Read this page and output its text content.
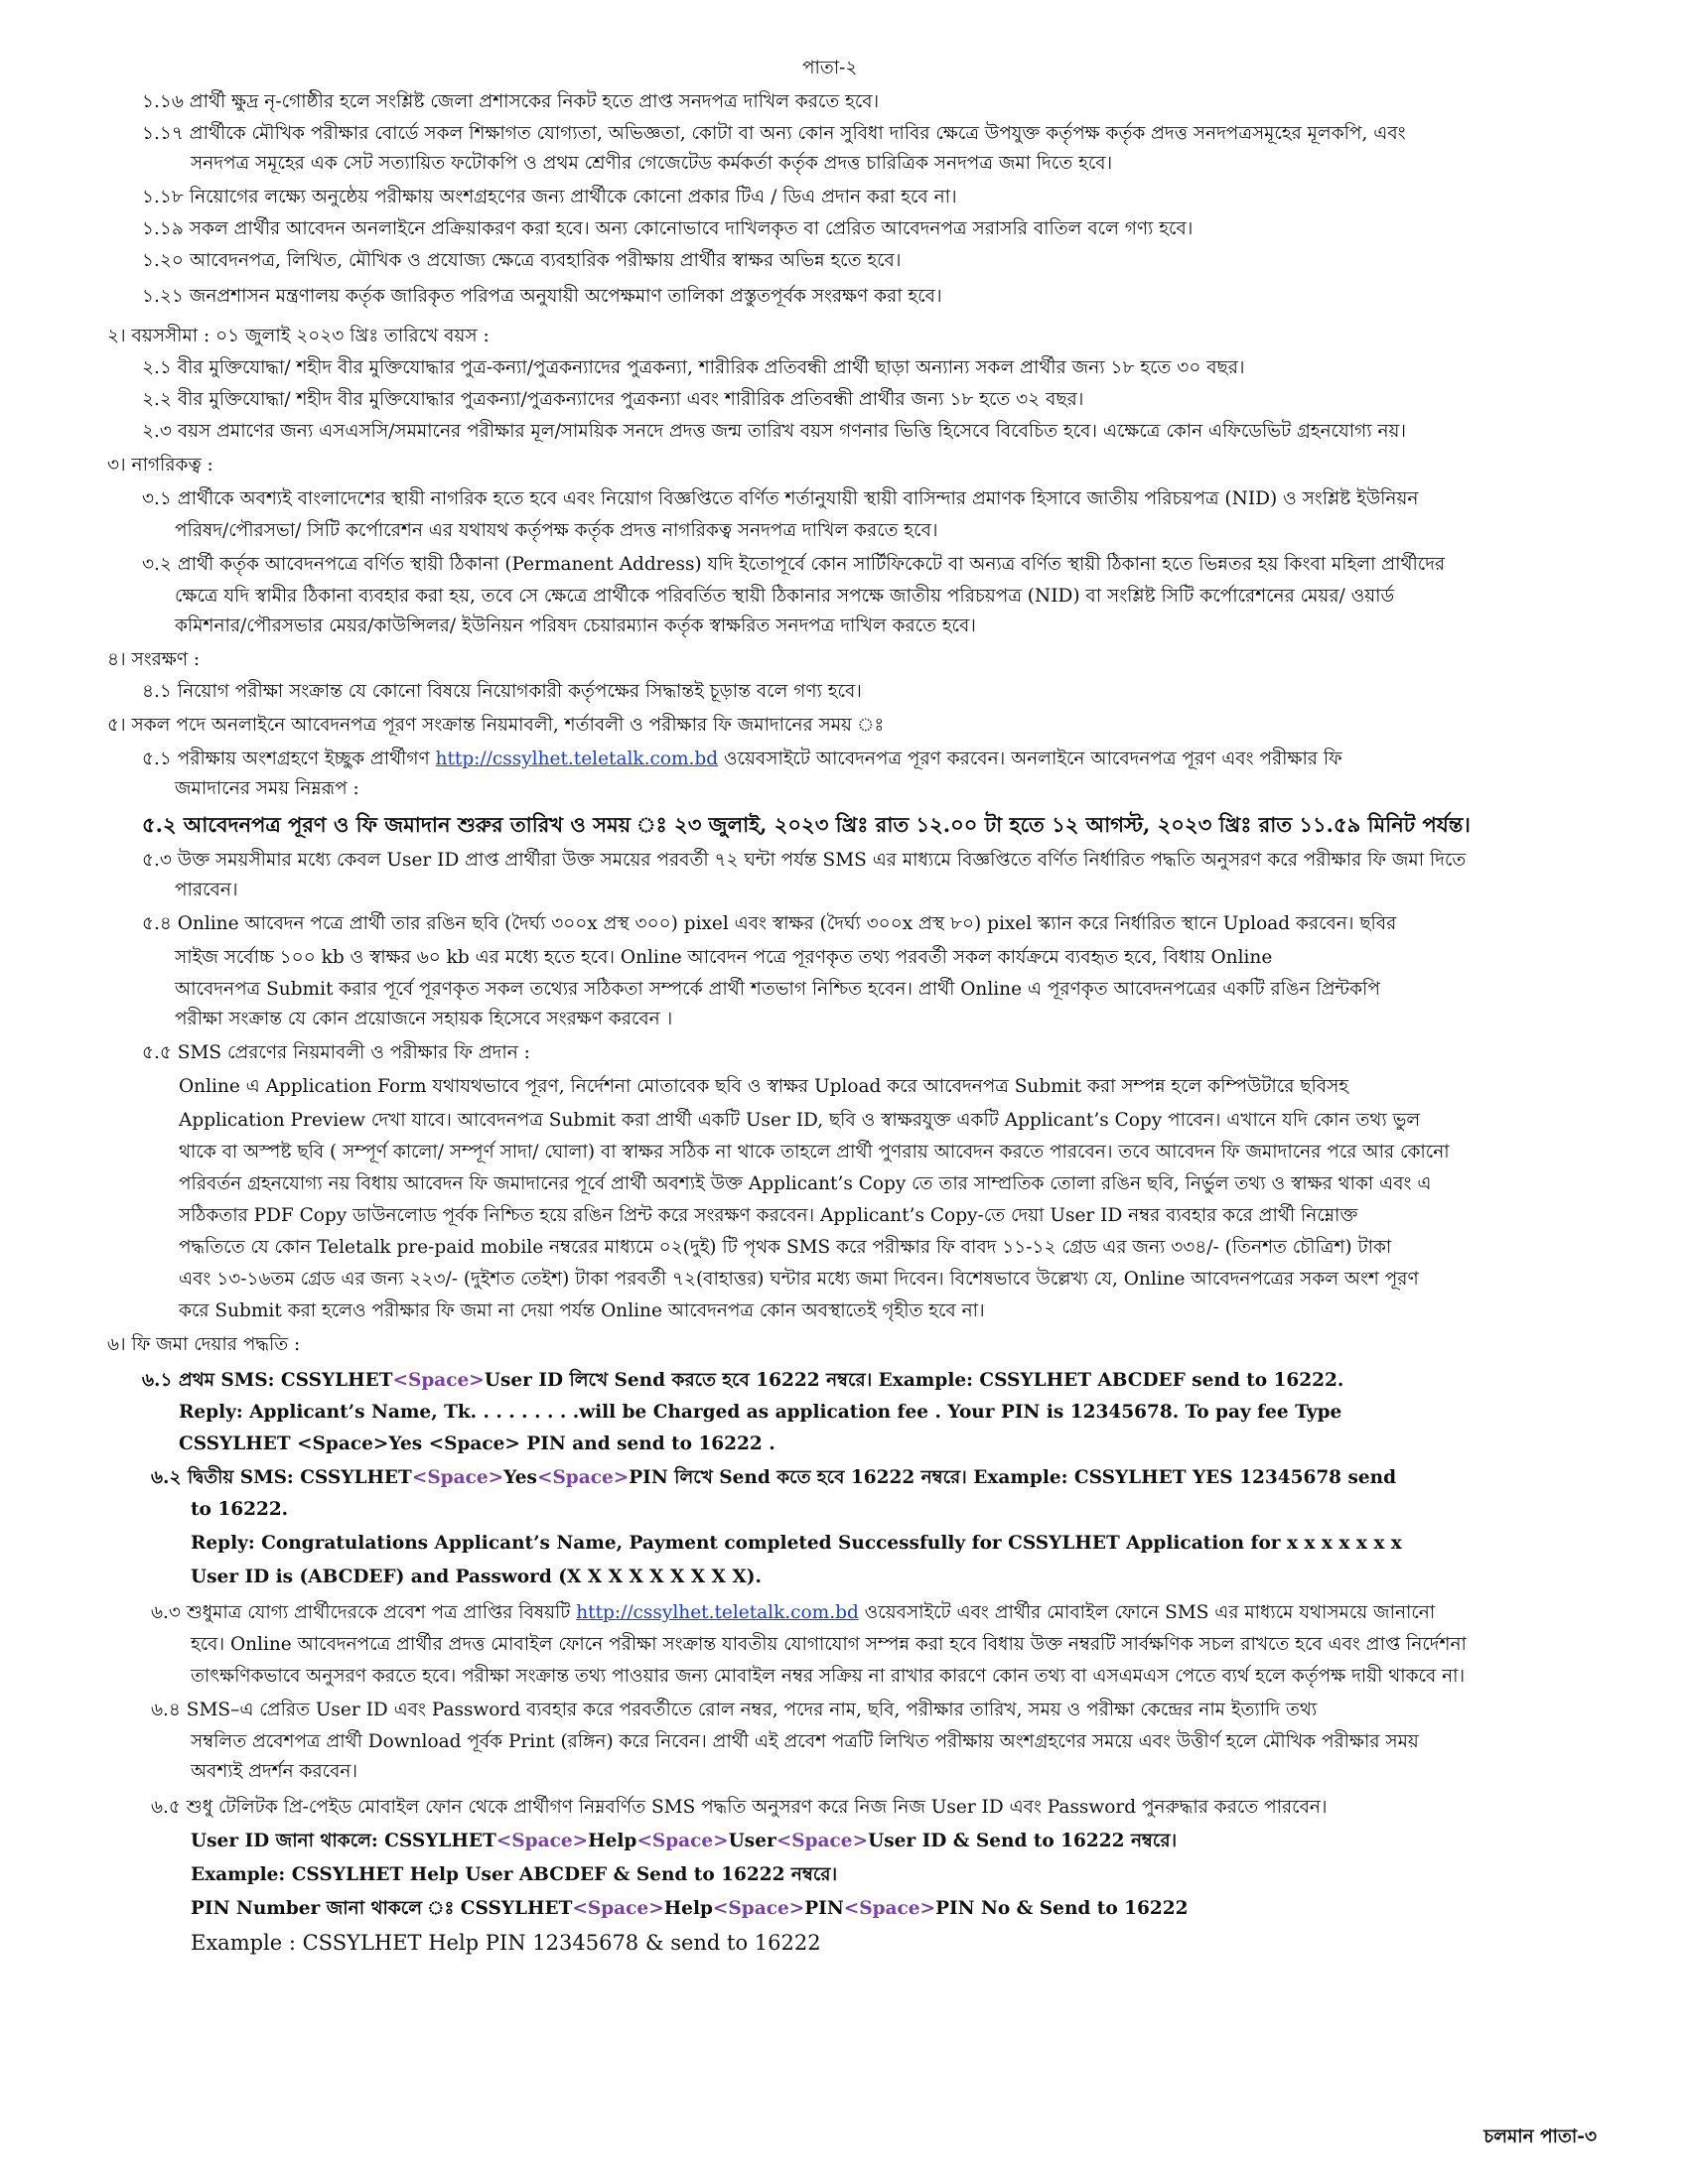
পাতা-২
১.১৬ প্রার্থী ক্ষুদ্র নৃ-গোষ্ঠীর হলে সংশ্লিষ্ট জেলা প্রশাসকের নিকট হতে প্রাপ্ত সনদপত্র দাখিল করতে হবে।
১.১৭ প্রার্থীকে মৌখিক পরীক্ষার বোর্ডে সকল শিক্ষাগত যোগ্যতা, অভিজ্ঞতা, কোটা বা অন্য কোন সুবিধা দাবির ক্ষেত্রে উপযুক্ত কর্তৃপক্ষ কর্তৃক প্রদত্ত সনদপত্রসমূহের মূলকপি, এবং
সনদপত্র সমূহের এক সেট সত্যায়িত ফটোকপি ও প্রথম শ্রেণীর গেজেটেড কর্মকর্তা কর্তৃক প্রদত্ত চারিত্রিক সনদপত্র জমা দিতে হবে।
১.১৮ নিয়োগের লক্ষ্যে অনুষ্ঠেয় পরীক্ষায় অংশগ্রহণের জন্য প্রার্থীকে কোনো প্রকার টিএ / ডিএ প্রদান করা হবে না।
১.১৯ সকল প্রার্থীর আবেদন অনলাইনে প্রক্রিয়াকরণ করা হবে। অন্য কোনোভাবে দাখিলকৃত বা প্রেরিত আবেদনপত্র সরাসরি বাতিল বলে গণ্য হবে।
১.২০ আবেদনপত্র, লিখিত, মৌখিক ও প্রযোজ্য ক্ষেত্রে ব্যবহারিক পরীক্ষায় প্রার্থীর স্বাক্ষর অভিন্ন হতে হবে।
১.২১ জনপ্রশাসন মন্ত্রণালয় কর্তৃক জারিকৃত পরিপত্র অনুযায়ী অপেক্ষমাণ তালিকা প্রস্তুতপূর্বক সংরক্ষণ করা হবে।
২। বয়সসীমা : ০১ জুলাই ২০২৩ খ্রিঃ তারিখে বয়স :
২.১ বীর মুক্তিযোদ্ধা/ শহীদ বীর মুক্তিযোদ্ধার পুত্র-কন্যা/পুত্রকন্যাদের পুত্রকন্যা, শারীরিক প্রতিবন্ধী প্রার্থী ছাড়া অন্যান্য সকল প্রার্থীর জন্য ১৮ হতে ৩০ বছর।
২.২ বীর মুক্তিযোদ্ধা/ শহীদ বীর মুক্তিযোদ্ধার পুত্রকন্যা/পুত্রকন্যাদের পুত্রকন্যা এবং শারীরিক প্রতিবন্ধী প্রার্থীর জন্য ১৮ হতে ৩২ বছর।
২.৩ বয়স প্রমাণের জন্য এসএসসি/সমমানের পরীক্ষার মূল/সাময়িক সনদে প্রদত্ত জন্ম তারিখ বয়স গণনার ভিত্তি হিসেবে বিবেচিত হবে। এক্ষেত্রে কোন এফিডেভিট গ্রহনযোগ্য নয়।
৩। নাগরিকত্ব :
৩.১ প্রার্থীকে অবশ্যই বাংলাদেশের স্থায়ী নাগরিক হতে হবে এবং নিয়োগ বিজ্ঞপ্তিতে বর্ণিত শর্তানুযায়ী স্থায়ী বাসিন্দার প্রমাণক হিসাবে জাতীয় পরিচয়পত্র (NID) ও সংশ্লিষ্ট ইউনিয়ন
পরিষদ/পৌরসভা/ সিটি কর্পোরেশন এর যথাযথ কর্তৃপক্ষ কর্তৃক প্রদত্ত নাগরিকত্ব সনদপত্র দাখিল করতে হবে।
৩.২ প্রার্থী কর্তৃক আবেদনপত্রে বর্ণিত স্থায়ী ঠিকানা (Permanent Address) যদি ইতোপূর্বে কোন সার্টিফিকেটে বা অন্যত্র বর্ণিত স্থায়ী ঠিকানা হতে ভিন্নতর হয় কিংবা মহিলা প্রার্থীদের
ক্ষেত্রে যদি স্বামীর ঠিকানা ব্যবহার করা হয়, তবে সে ক্ষেত্রে প্রার্থীকে পরিবর্তিত স্থায়ী ঠিকানার সপক্ষে জাতীয় পরিচয়পত্র (NID) বা সংশ্লিষ্ট সিটি কর্পোরেশনের মেয়র/ ওয়ার্ড
কমিশনার/পৌরসভার মেয়র/কাউন্সিলর/ ইউনিয়ন পরিষদ চেয়ারম্যান কর্তৃক স্বাক্ষরিত সনদপত্র দাখিল করতে হবে।
৪। সংরক্ষণ :
৪.১ নিয়োগ পরীক্ষা সংক্রান্ত যে কোনো বিষয়ে নিয়োগকারী কর্তৃপক্ষের সিদ্ধান্তই চূড়ান্ত বলে গণ্য হবে।
৫। সকল পদে অনলাইনে আবেদনপত্র পূরণ সংক্রান্ত নিয়মাবলী, শর্তাবলী ও পরীক্ষার ফি জমাদানের সময় ঃ
৫.১ পরীক্ষায় অংশগ্রহণে ইচ্ছুক প্রার্থীগণ http://cssylhet.teletalk.com.bd ওয়েবসাইটে আবেদনপত্র পূরণ করবেন। অনলাইনে আবেদনপত্র পূরণ এবং পরীক্ষার ফি
জমাদানের সময় নিম্নরূপ :
৫.২ আবেদনপত্র পূরণ ও ফি জমাদান শুরুর তারিখ ও সময় ঃ ২৩ জুলাই, ২০২৩ খ্রিঃ রাত ১২.০০ টা হতে ১২ আগস্ট, ২০২৩ খ্রিঃ রাত ১১.৫৯ মিনিট পর্যন্ত।
৫.৩ উক্ত সময়সীমার মধ্যে কেবল User ID প্রাপ্ত প্রার্থীরা উক্ত সময়ের পরবর্তী ৭২ ঘন্টা পর্যন্ত SMS এর মাধ্যমে বিজ্ঞপ্তিতে বর্ণিত নির্ধারিত পদ্ধতি অনুসরণ করে পরীক্ষার ফি জমা দিতে
পারবেন।
৫.৪ Online আবেদন পত্রে প্রার্থী তার রঙিন ছবি (দৈর্ঘ্য ৩০০x প্রস্থ ৩০০) pixel এবং স্বাক্ষর (দৈর্ঘ্য ৩০০x প্রস্থ ৮০) pixel স্ক্যান করে নির্ধারিত স্থানে Upload করবেন। ছবির
সাইজ সর্বোচ্চ ১০০ kb ও স্বাক্ষর ৬০ kb এর মধ্যে হতে হবে। Online আবেদন পত্রে পূরণকৃত তথ্য পরবর্তী সকল কার্যক্রমে ব্যবহৃত হবে, বিধায় Online
আবেদনপত্র Submit করার পূর্বে পূরণকৃত সকল তথ্যের সঠিকতা সম্পর্কে প্রার্থী শতভাগ নিশ্চিত হবেন। প্রার্থী Online এ পূরণকৃত আবেদনপত্রের একটি রঙিন প্রিন্টকপি
পরীক্ষা সংক্রান্ত যে কোন প্রয়োজনে সহায়ক হিসেবে সংরক্ষণ করবেন ।
৫.৫ SMS প্রেরণের নিয়মাবলী ও পরীক্ষার ফি প্রদান :
Online এ Application Form যথাযথভাবে পূরণ, নির্দেশনা মোতাবেক ছবি ও স্বাক্ষর Upload করে আবেদনপত্র Submit করা সম্পন্ন হলে কম্পিউটারে ছবিসহ
Application Preview দেখা যাবে। আবেদনপত্র Submit করা প্রার্থী একটি User ID, ছবি ও স্বাক্ষরযুক্ত একটি Applicant’s Copy পাবেন। এখানে যদি কোন তথ্য ভুল
থাকে বা অস্পষ্ট ছবি ( সম্পূর্ণ কালো/ সম্পূর্ণ সাদা/ ঘোলা) বা স্বাক্ষর সঠিক না থাকে তাহলে প্রার্থী পুণরায় আবেদন করতে পারবেন। তবে আবেদন ফি জমাদানের পরে আর কোনো
পরিবর্তন গ্রহনযোগ্য নয় বিধায় আবেদন ফি জমাদানের পূর্বে প্রার্থী অবশ্যই উক্ত Applicant’s Copy তে তার সাম্প্রতিক তোলা রঙিন ছবি, নির্ভুল তথ্য ও স্বাক্ষর থাকা এবং এ
সঠিকতার PDF Copy ডাউনলোড পূর্বক নিশ্চিত হয়ে রঙিন প্রিন্ট করে সংরক্ষণ করবেন। Applicant’s Copy-তে দেয়া User ID নম্বর ব্যবহার করে প্রার্থী নিম্নোক্ত
পদ্ধতিতে যে কোন Teletalk pre-paid mobile নম্বরের মাধ্যমে ০২(দুই) টি পৃথক SMS করে পরীক্ষার ফি বাবদ ১১-১২ গ্রেড এর জন্য ৩৩৪/- (তিনশত চৌত্রিশ) টাকা
এবং ১৩-১৬তম গ্রেড এর জন্য ২২৩/- (দুইশত তেইশ) টাকা পরবর্তী ৭২(বাহাত্তর) ঘন্টার মধ্যে জমা দিবেন। বিশেষভাবে উল্লেখ্য যে, Online আবেদনপত্রের সকল অংশ পূরণ
করে Submit করা হলেও পরীক্ষার ফি জমা না দেয়া পর্যন্ত Online আবেদনপত্র কোন অবস্থাতেই গৃহীত হবে না।
৬। ফি জমা দেয়ার পদ্ধতি :
৬.১ প্রথম SMS: CSSYLHET<Space>User ID লিখে Send করতে হবে 16222 নম্বরে। Example: CSSYLHET ABCDEF send to 16222.
Reply: Applicant’s Name, Tk. . . . . . . . .will be Charged as application fee . Your PIN is 12345678. To pay fee Type
CSSYLHET <Space>Yes <Space> PIN and send to 16222 .
৬.২ দ্বিতীয় SMS: CSSYLHET<Space>Yes<Space>PIN লিখে Send কতে হবে 16222 নম্বরে। Example: CSSYLHET YES 12345678 send
to 16222.
Reply: Congratulations Applicant’s Name, Payment completed Successfully for CSSYLHET Application for x x x x x x x
User ID is (ABCDEF) and Password (X X X X X X X X X).
৬.৩ শুধুমাত্র যোগ্য প্রার্থীদেরকে প্রবেশ পত্র প্রাপ্তির বিষয়টি http://cssylhet.teletalk.com.bd ওয়েবসাইটে এবং প্রার্থীর মোবাইল ফোনে SMS এর মাধ্যমে যথাসময়ে জানানো
হবে। Online আবেদনপত্রে প্রার্থীর প্রদত্ত মোবাইল ফোনে পরীক্ষা সংক্রান্ত যাবতীয় যোগাযোগ সম্পন্ন করা হবে বিধায় উক্ত নম্বরটি সার্বক্ষণিক সচল রাখতে হবে এবং প্রাপ্ত নির্দেশনা
তাৎক্ষণিকভাবে অনুসরণ করতে হবে। পরীক্ষা সংক্রান্ত তথ্য পাওয়ার জন্য মোবাইল নম্বর সক্রিয় না রাখার কারণে কোন তথ্য বা এসএমএস পেতে ব্যর্থ হলে কর্তৃপক্ষ দায়ী থাকবে না।
৬.৪ SMS–এ প্রেরিত User ID এবং Password ব্যবহার করে পরবর্তীতে রোল নম্বর, পদের নাম, ছবি, পরীক্ষার তারিখ, সময় ও পরীক্ষা কেন্দ্রের নাম ইত্যাদি তথ্য
সম্বলিত প্রবেশপত্র প্রার্থী Download পূর্বক Print (রঙ্গিন) করে নিবেন। প্রার্থী এই প্রবেশ পত্রটি লিখিত পরীক্ষায় অংশগ্রহণের সময়ে এবং উত্তীর্ণ হলে মৌখিক পরীক্ষার সময়
অবশ্যই প্রদর্শন করবেন।
৬.৫ শুধু টেলিটক প্রি-পেইড মোবাইল ফোন থেকে প্রার্থীগণ নিম্নবর্ণিত SMS পদ্ধতি অনুসরণ করে নিজ নিজ User ID এবং Password পুনরুদ্ধার করতে পারবেন।
User ID জানা থাকলে: CSSYLHET<Space>Help<Space>User<Space>User ID & Send to 16222 নম্বরে।
Example: CSSYLHET Help User ABCDEF & Send to 16222 নম্বরে।
PIN Number জানা থাকলে ঃ CSSYLHET<Space>Help<Space>PIN<Space>PIN No & Send to 16222
Example : CSSYLHET Help PIN 12345678 & send to 16222
চলমান পাতা-৩
